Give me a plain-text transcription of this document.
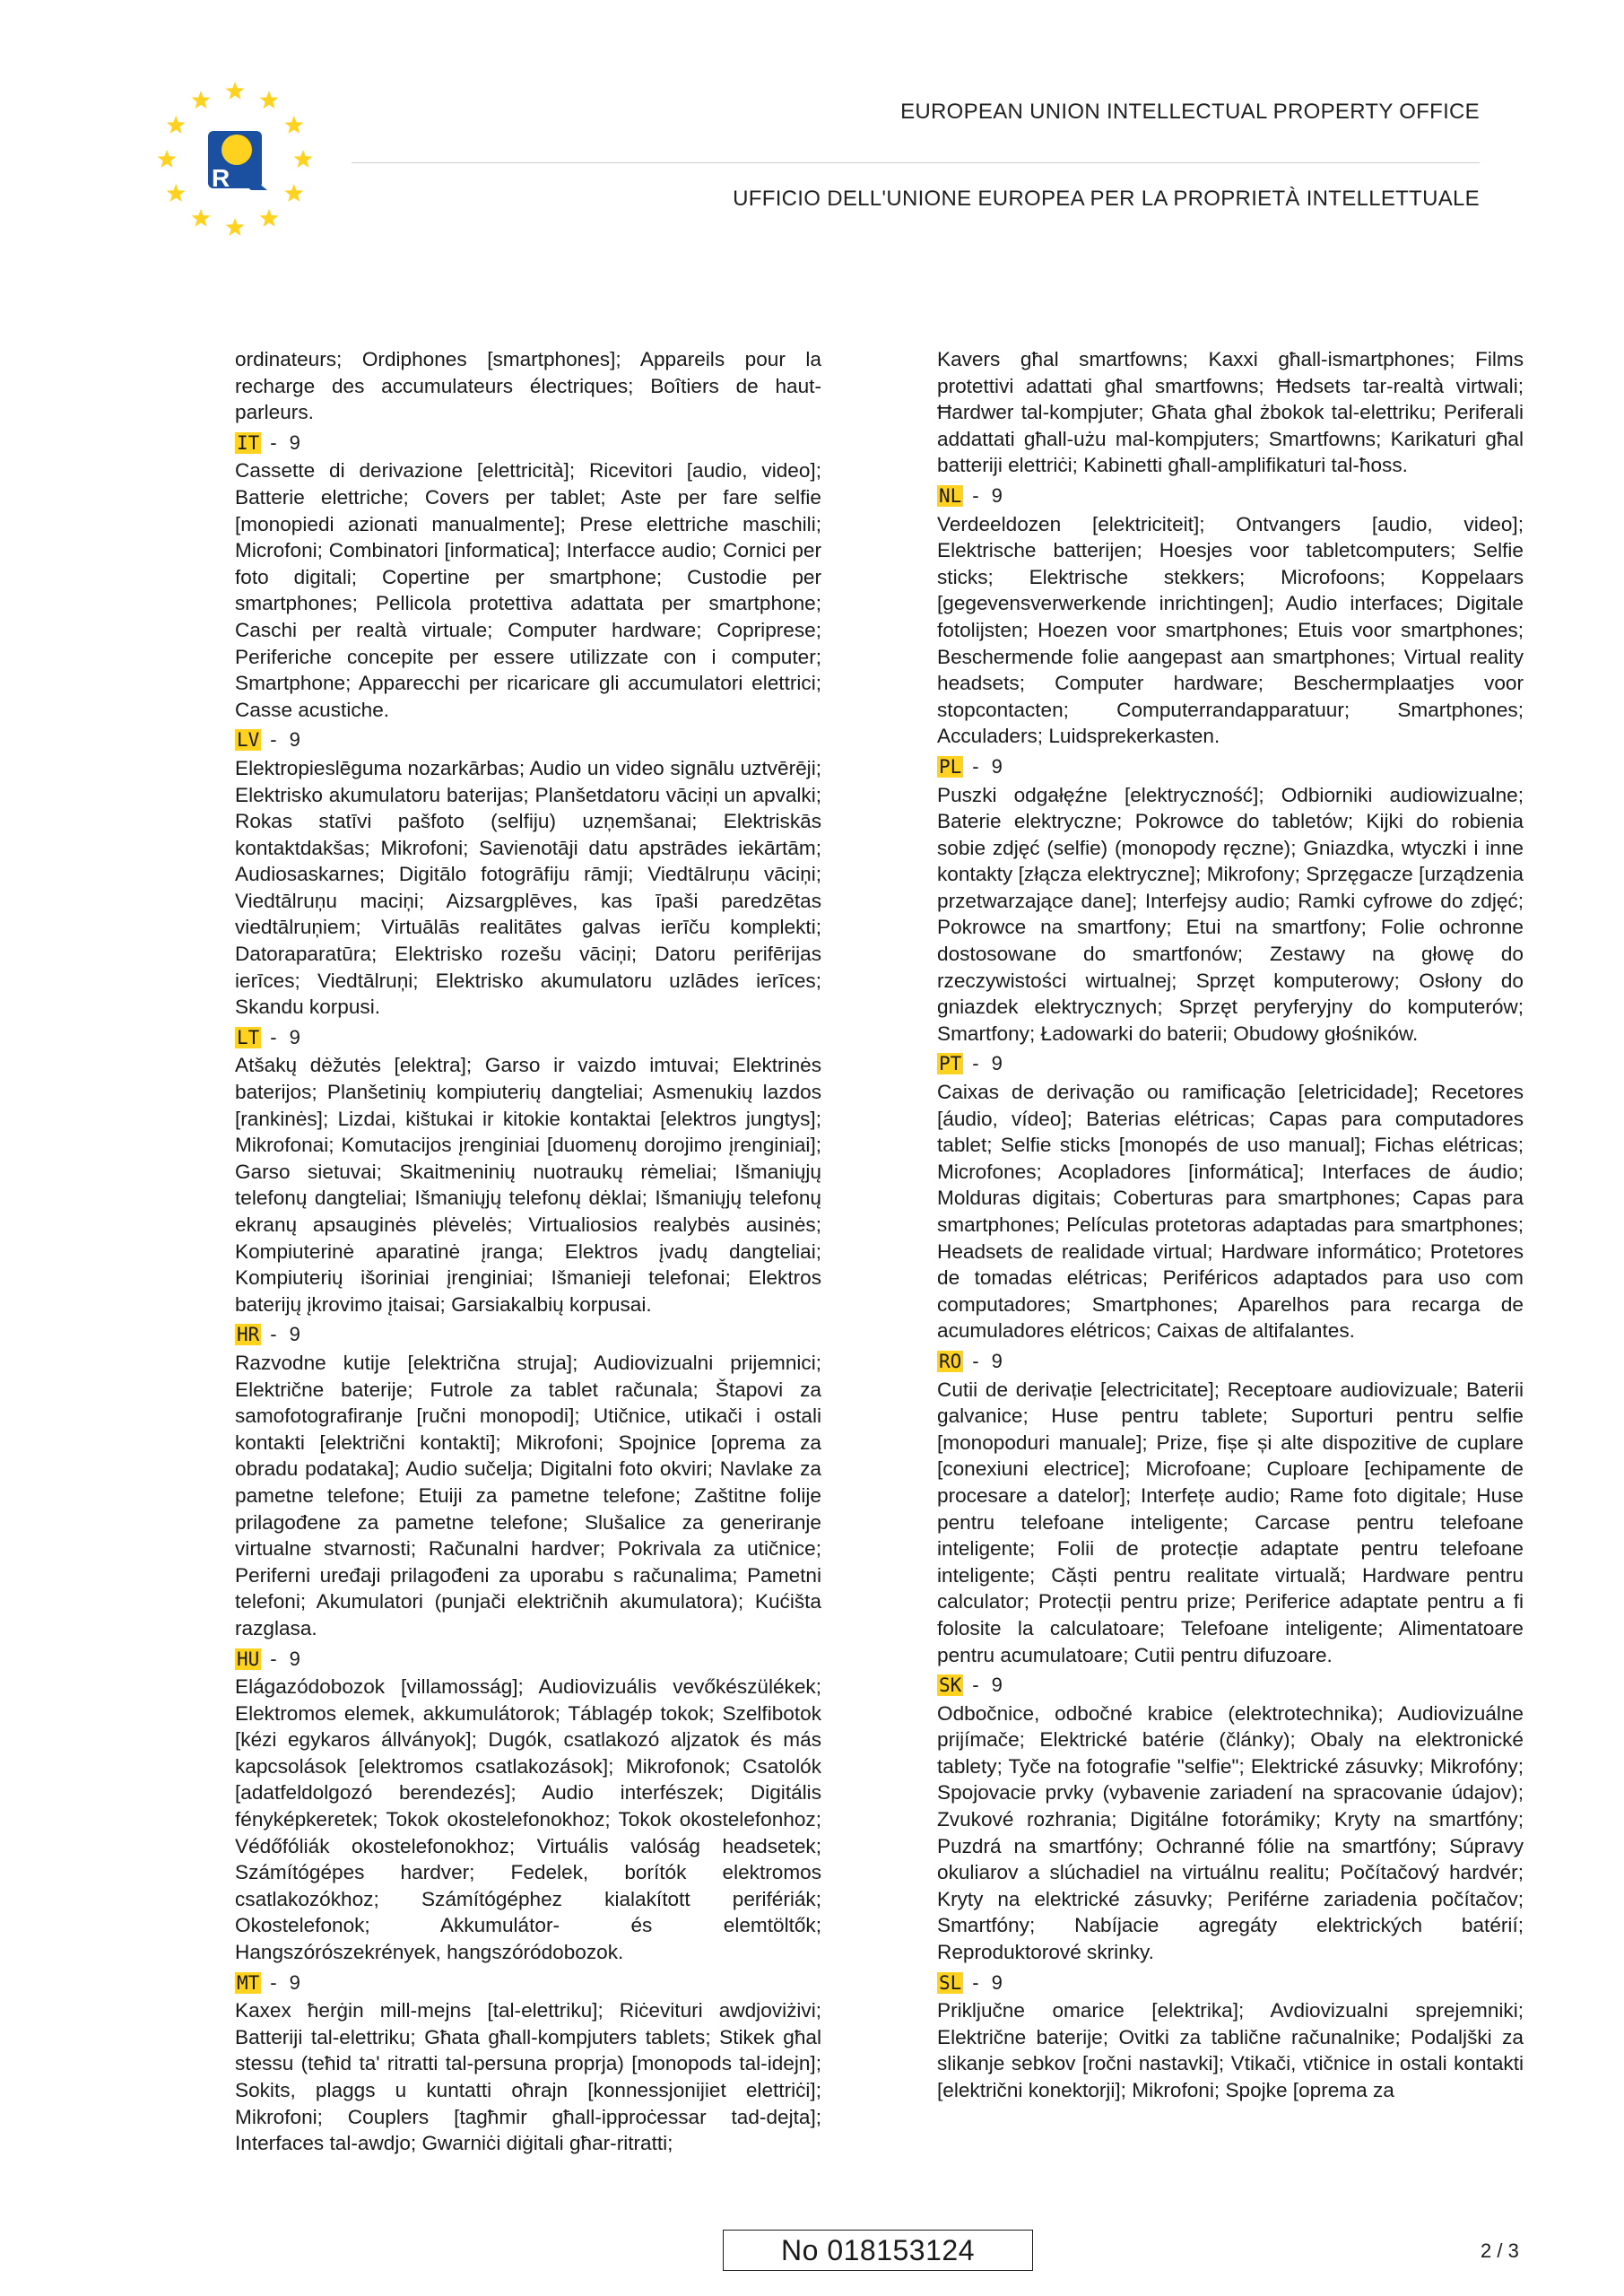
R
EUROPEAN UNION INTELLECTUAL PROPERTY OFFICE
UFFICIO DELL'UNIONE EUROPEA PER LA PROPRIETÀ INTELLETTUALE

ordinateurs; Ordiphones [smartphones]; Appareils pour la recharge des accumulateurs électriques; Boîtiers de haut-parleurs.

IT - 9

Cassette di derivazione [elettricità]; Ricevitori [audio, video]; Batterie elettriche; Covers per tablet; Aste per fare selfie [monopiedi azionati manualmente]; Prese elettriche maschili; Microfoni; Combinatori [informatica]; Interfacce audio; Cornici per foto digitali; Copertine per smartphone; Custodie per smartphones; Pellicola protettiva adattata per smartphone; Caschi per realtà virtuale; Computer hardware; Copriprese; Periferiche concepite per essere utilizzate con i computer; Smartphone; Apparecchi per ricaricare gli accumulatori elettrici; Casse acustiche.

LV - 9

Elektropieslēguma nozarkārbas; Audio un video signālu uztvērēji; Elektrisko akumulatoru baterijas; Planšetdatoru vāciņi un apvalki; Rokas statīvi pašfoto (selfiju) uzņemšanai; Elektriskās kontaktdakšas; Mikrofoni; Savienotāji datu apstrādes iekārtām; Audiosaskarnes; Digitālo fotogrāfiju rāmji; Viedtālruņu vāciņi; Viedtālruņu maciņi; Aizsargplēves, kas īpaši paredzētas viedtālruņiem; Virtuālās realitātes galvas ierīču komplekti; Datoraparatūra; Elektrisko rozešu vāciņi; Datoru perifērijas ierīces; Viedtālruņi; Elektrisko akumulatoru uzlādes ierīces; Skandu korpusi.

LT - 9

Atšakų dėžutės [elektra]; Garso ir vaizdo imtuvai; Elektrinės baterijos; Planšetinių kompiuterių dangteliai; Asmenukių lazdos [rankinės]; Lizdai, kištukai ir kitokie kontaktai [elektros jungtys]; Mikrofonai; Komutacijos įrenginiai [duomenų dorojimo įrenginiai]; Garso sietuvai; Skaitmeninių nuotraukų rėmeliai; Išmaniųjų telefonų dangteliai; Išmaniųjų telefonų dėklai; Išmaniųjų telefonų ekranų apsauginės plėvelės; Virtualiosios realybės ausinės; Kompiuterinė aparatinė įranga; Elektros įvadų dangteliai; Kompiuterių išoriniai įrenginiai; Išmanieji telefonai; Elektros baterijų įkrovimo įtaisai; Garsiakalbių korpusai.

HR - 9

Razvodne kutije [električna struja]; Audiovizualni prijemnici; Električne baterije; Futrole za tablet računala; Štapovi za samofotografiranje [ručni monopodi]; Utičnice, utikači i ostali kontakti [električni kontakti]; Mikrofoni; Spojnice [oprema za obradu podataka]; Audio sučelja; Digitalni foto okviri; Navlake za pametne telefone; Etuiji za pametne telefone; Zaštitne folije prilagođene za pametne telefone; Slušalice za generiranje virtualne stvarnosti; Računalni hardver; Pokrivala za utičnice; Periferni uređaji prilagođeni za uporabu s računalima; Pametni telefoni; Akumulatori (punjači električnih akumulatora); Kućišta razglasa.

HU - 9

Elágazódobozok [villamosság]; Audiovizuális vevőkészülékek; Elektromos elemek, akkumulátorok; Táblagép tokok; Szelfibotok [kézi egykaros állványok]; Dugók, csatlakozó aljzatok és más kapcsolások [elektromos csatlakozások]; Mikrofonok; Csatolók [adatfeldolgozó berendezés]; Audio interfészek; Digitális fényképkeretek; Tokok okostelefonokhoz; Tokok okostelefonhoz; Védőfóliák okostelefonokhoz; Virtuális valóság headsetek; Számítógépes hardver; Fedelek, borítók elektromos csatlakozókhoz; Számítógéphez kialakított perifériák; Okostelefonok; Akkumulátor- és elemtöltők; Hangszórószekrények, hangszóródobozok.

MT - 9

Kaxex ħerġin mill-mejns [tal-elettriku]; Riċevituri awdjoviżivi; Batteriji tal-elettriku; Għata għall-kompjuters tablets; Stikek għal stessu (teħid ta' ritratti tal-persuna proprja) [monopods tal-idejn]; Sokits, plaggs u kuntatti oħrajn [konnessjonijiet elettriċi]; Mikrofoni; Couplers [tagħmir għall-ipproċessar tad-dejta]; Interfaces tal-awdjo; Gwarniċi diġitali għar-ritratti;

Kavers għal smartfowns; Kaxxi għall-ismartphones; Films protettivi adattati għal smartfowns; Ħedsets tar-realtà virtwali; Ħardwer tal-kompjuter; Għata għal żbokok tal-elettriku; Periferali addattati għall-użu mal-kompjuters; Smartfowns; Karikaturi għal batteriji elettriċi; Kabinetti għall-amplifikaturi tal-ħoss.

NL - 9

Verdeeldozen [elektriciteit]; Ontvangers [audio, video]; Elektrische batterijen; Hoesjes voor tabletcomputers; Selfie sticks; Elektrische stekkers; Microfoons; Koppelaars [gegevensverwerkende inrichtingen]; Audio interfaces; Digitale fotolijsten; Hoezen voor smartphones; Etuis voor smartphones; Beschermende folie aangepast aan smartphones; Virtual reality headsets; Computer hardware; Beschermplaatjes voor stopcontacten; Computerrandapparatuur; Smartphones; Acculaders; Luidsprekerkasten.

PL - 9

Puszki odgałęźne [elektryczność]; Odbiorniki audiowizualne; Baterie elektryczne; Pokrowce do tabletów; Kijki do robienia sobie zdjęć (selfie) (monopody ręczne); Gniazdka, wtyczki i inne kontakty [złącza elektryczne]; Mikrofony; Sprzęgacze [urządzenia przetwarzające dane]; Interfejsy audio; Ramki cyfrowe do zdjęć; Pokrowce na smartfony; Etui na smartfony; Folie ochronne dostosowane do smartfonów; Zestawy na głowę do rzeczywistości wirtualnej; Sprzęt komputerowy; Osłony do gniazdek elektrycznych; Sprzęt peryferyjny do komputerów; Smartfony; Ładowarki do baterii; Obudowy głośników.

PT - 9

Caixas de derivação ou ramificação [eletricidade]; Recetores [áudio, vídeo]; Baterias elétricas; Capas para computadores tablet; Selfie sticks [monopés de uso manual]; Fichas elétricas; Microfones; Acopladores [informática]; Interfaces de áudio; Molduras digitais; Coberturas para smartphones; Capas para smartphones; Películas protetoras adaptadas para smartphones; Headsets de realidade virtual; Hardware informático; Protetores de tomadas elétricas; Periféricos adaptados para uso com computadores; Smartphones; Aparelhos para recarga de acumuladores elétricos; Caixas de altifalantes.

RO - 9

Cutii de derivație [electricitate]; Receptoare audiovizuale; Baterii galvanice; Huse pentru tablete; Suporturi pentru selfie [monopoduri manuale]; Prize, fișe și alte dispozitive de cuplare [conexiuni electrice]; Microfoane; Cuploare [echipamente de procesare a datelor]; Interfețe audio; Rame foto digitale; Huse pentru telefoane inteligente; Carcase pentru telefoane inteligente; Folii de protecție adaptate pentru telefoane inteligente; Căști pentru realitate virtuală; Hardware pentru calculator; Protecții pentru prize; Periferice adaptate pentru a fi folosite la calculatoare; Telefoane inteligente; Alimentatoare pentru acumulatoare; Cutii pentru difuzoare.

SK - 9

Odbočnice, odbočné krabice (elektrotechnika); Audiovizuálne prijímače; Elektrické batérie (články); Obaly na elektronické tablety; Tyče na fotografie "selfie"; Elektrické zásuvky; Mikrofóny; Spojovacie prvky (vybavenie zariadení na spracovanie údajov); Zvukové rozhrania; Digitálne fotorámiky; Kryty na smartfóny; Puzdrá na smartfóny; Ochranné fólie na smartfóny; Súpravy okuliarov a slúchadiel na virtuálnu realitu; Počítačový hardvér; Kryty na elektrické zásuvky; Periférne zariadenia počítačov; Smartfóny; Nabíjacie agregáty elektrických batérií; Reproduktorové skrinky.

SL - 9

Priključne omarice [elektrika]; Avdiovizualni sprejemniki; Električne baterije; Ovitki za tablične računalnike; Podaljški za slikanje sebkov [ročni nastavki]; Vtikači, vtičnice in ostali kontakti [električni konektorji]; Mikrofoni; Spojke [oprema za

No 018153124	2 / 3
